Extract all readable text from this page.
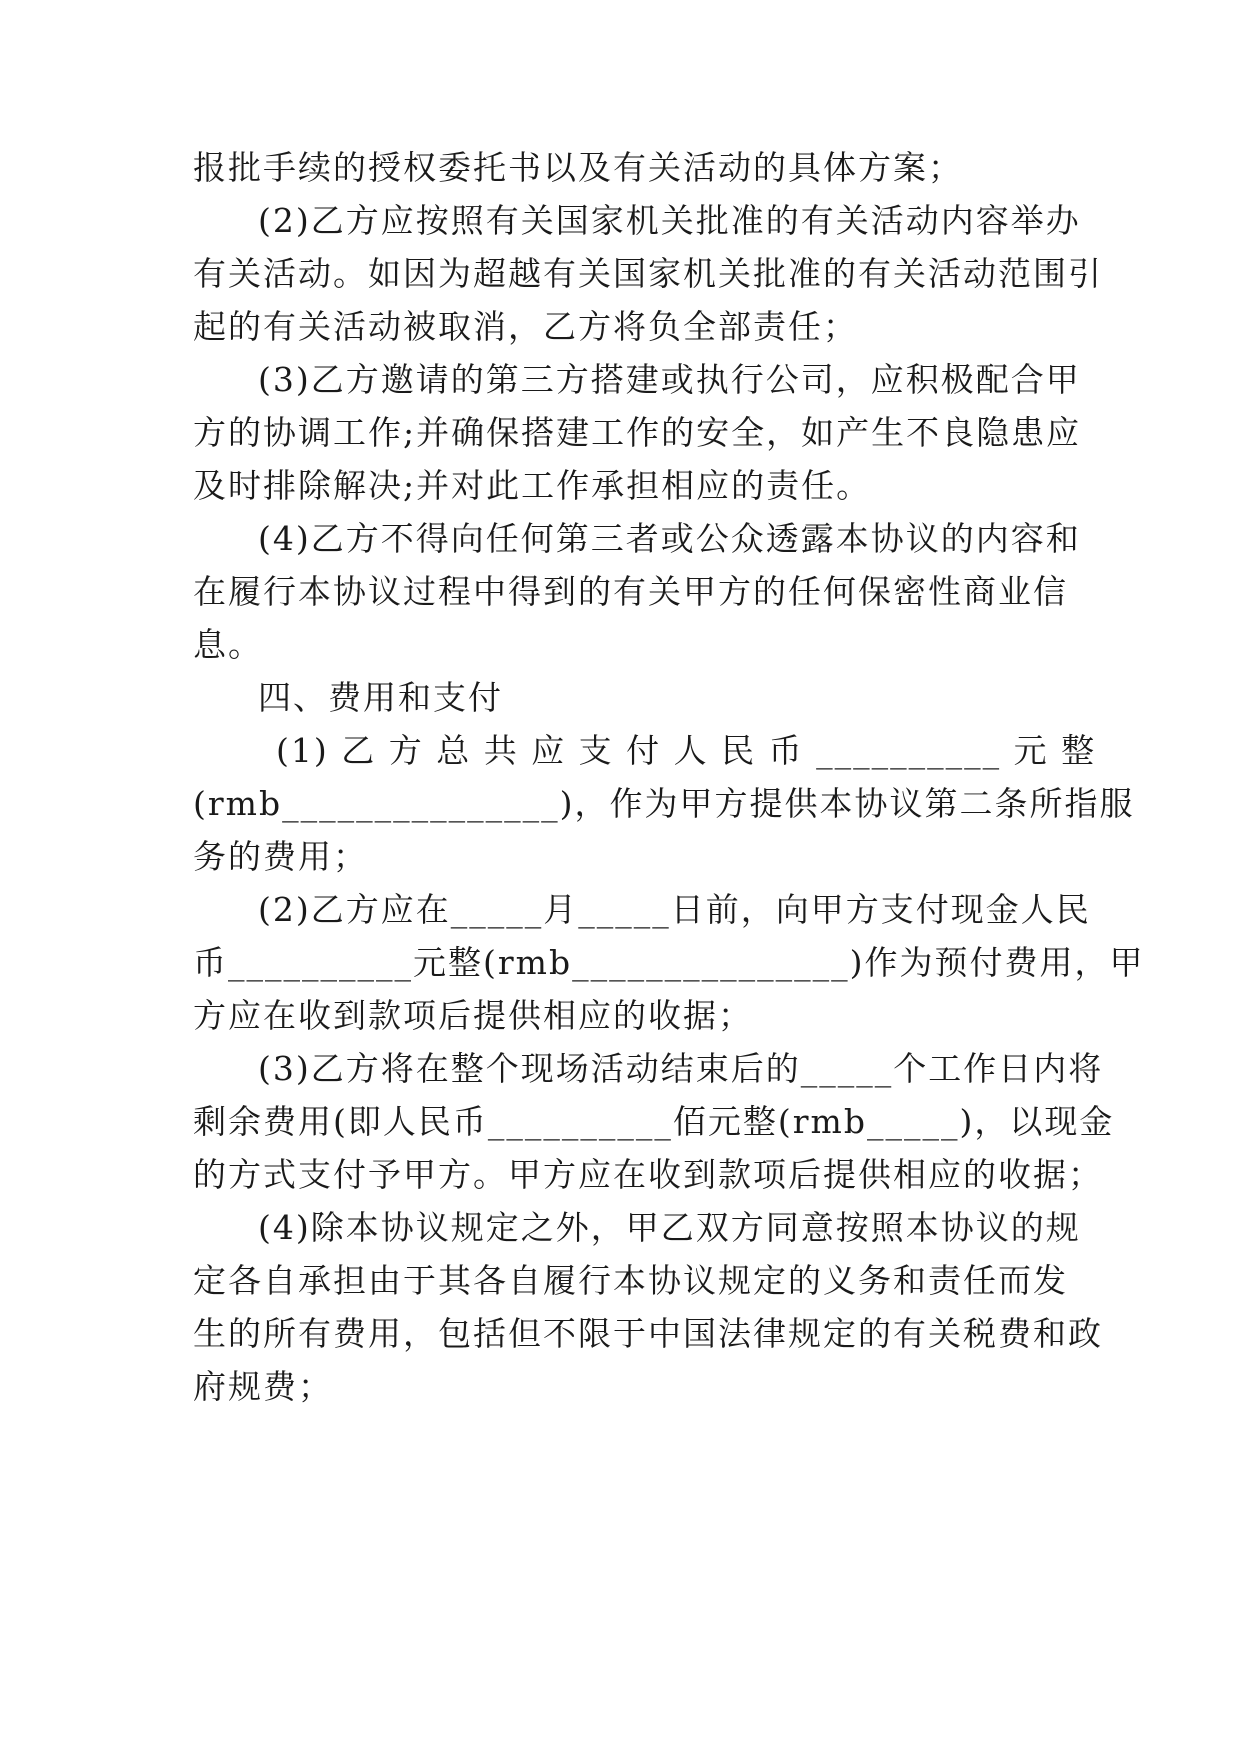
报批手续的授权委托书以及有关活动的具体方案；
(2)乙方应按照有关国家机关批准的有关活动内容举办
有关活动。如因为超越有关国家机关批准的有关活动范围引
起的有关活动被取消，乙方将负全部责任；
(3)乙方邀请的第三方搭建或执行公司，应积极配合甲
方的协调工作;并确保搭建工作的安全，如产生不良隐患应
及时排除解决;并对此工作承担相应的责任。
(4)乙方不得向任何第三者或公众透露本协议的内容和
在履行本协议过程中得到的有关甲方的任何保密性商业信
息。
四、费用和支付
(1) 乙 方 总 共 应 支 付 人 民 币 __________ 元 整
(rmb_______________)，作为甲方提供本协议第二条所指服
务的费用；
(2)乙方应在_____月_____日前，向甲方支付现金人民
币__________元整(rmb_______________)作为预付费用，甲
方应在收到款项后提供相应的收据；
(3)乙方将在整个现场活动结束后的_____个工作日内将
剩余费用(即人民币__________佰元整(rmb_____)，以现金
的方式支付予甲方。甲方应在收到款项后提供相应的收据；
(4)除本协议规定之外，甲乙双方同意按照本协议的规
定各自承担由于其各自履行本协议规定的义务和责任而发
生的所有费用，包括但不限于中国法律规定的有关税费和政
府规费；
